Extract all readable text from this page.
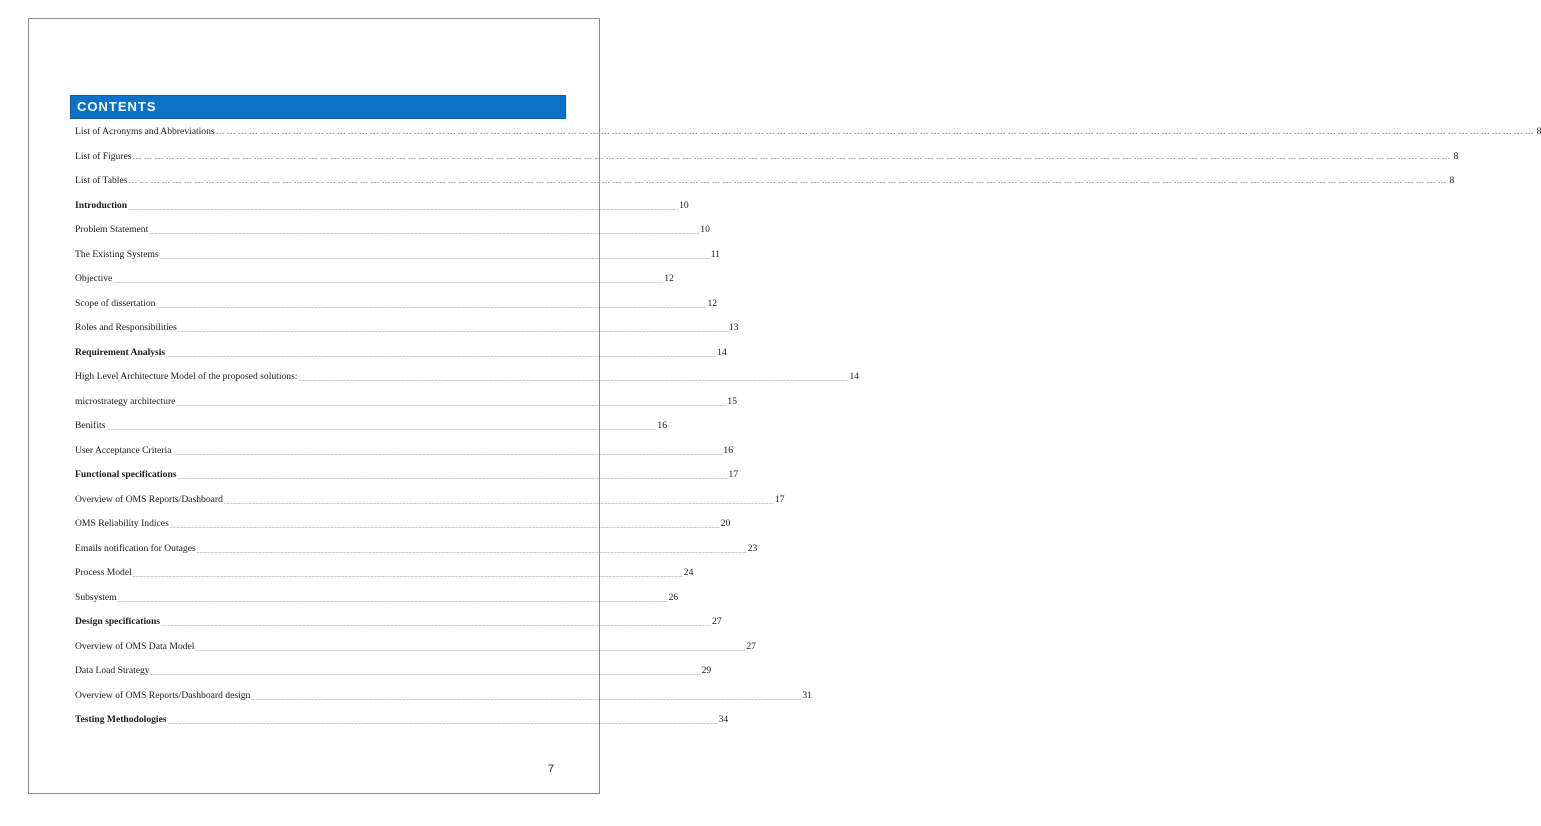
CONTENTS
List of Acronyms and Abbreviations ……………………………………………………………………………………………………………………………………………………………………………………………………………………………………………………………………………………………………………………………… 8
List of Figures ……………………………………………………………………………………………………………………………………………………………………………………………………………………………………………………………………………………………………………………………… 8
List of Tables ……………………………………………………………………………………………………………………………………………………………………………………………………………………………………………………………………………………………………………………………… 8
Introduction ................................................................................................................................................................................................................................................................................................................................................................................................................ 10
Problem Statement ................................................................................................................................................................................................................................................................................................................................................................................................................ 10
The Existing Systems ................................................................................................................................................................................................................................................................................................................................................................................................................ 11
Objective ................................................................................................................................................................................................................................................................................................................................................................................................................ 12
Scope of dissertation ................................................................................................................................................................................................................................................................................................................................................................................................................ 12
Roles and Responsibilities ................................................................................................................................................................................................................................................................................................................................................................................................................ 13
Requirement Analysis ................................................................................................................................................................................................................................................................................................................................................................................................................ 14
High Level Architecture Model of the proposed solutions: ................................................................................................................................................................................................................................................................................................................................................................................................................ 14
microstrategy architecture ................................................................................................................................................................................................................................................................................................................................................................................................................ 15
Benifits ................................................................................................................................................................................................................................................................................................................................................................................................................ 16
User Acceptance Criteria ................................................................................................................................................................................................................................................................................................................................................................................................................ 16
Functional specifications ................................................................................................................................................................................................................................................................................................................................................................................................................ 17
Overview of OMS Reports/Dashboard ................................................................................................................................................................................................................................................................................................................................................................................................................ 17
OMS Reliability Indices ................................................................................................................................................................................................................................................................................................................................................................................................................ 20
Emails notification for Outages ................................................................................................................................................................................................................................................................................................................................................................................................................ 23
Process Model ................................................................................................................................................................................................................................................................................................................................................................................................................ 24
Subsystem ................................................................................................................................................................................................................................................................................................................................................................................................................ 26
Design specifications ................................................................................................................................................................................................................................................................................................................................................................................................................ 27
Overview of OMS Data Model ................................................................................................................................................................................................................................................................................................................................................................................................................ 27
Data Load Strategy ................................................................................................................................................................................................................................................................................................................................................................................................................ 29
Overview of OMS Reports/Dashboard design ................................................................................................................................................................................................................................................................................................................................................................................................................ 31
Testing Methodologies ................................................................................................................................................................................................................................................................................................................................................................................................................ 34
7
